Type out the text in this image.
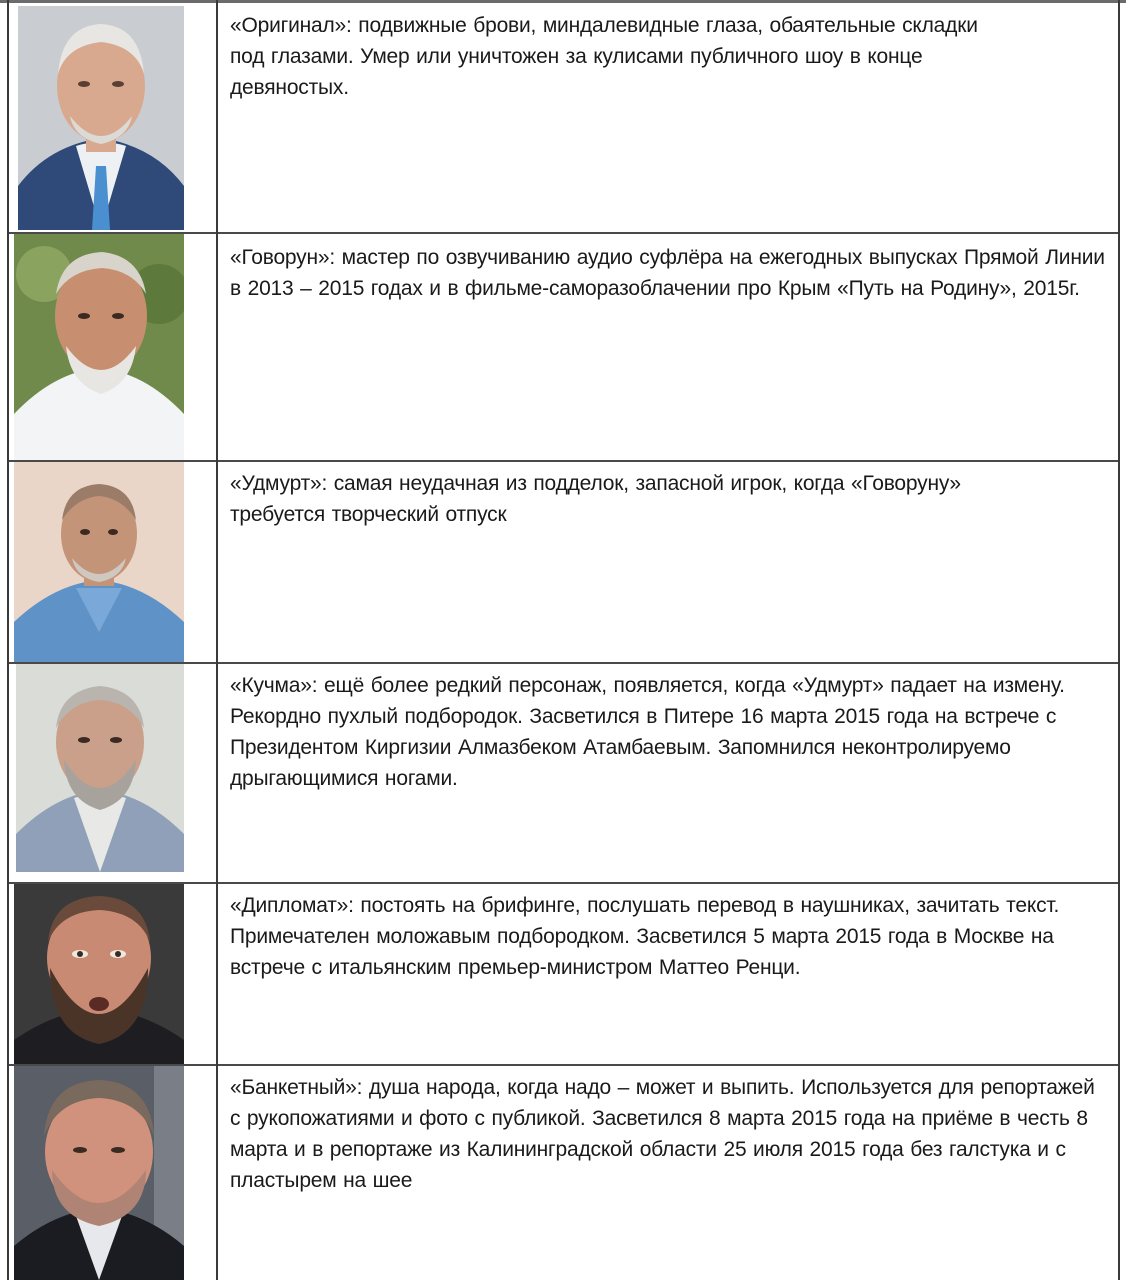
«Оригинал»: подвижные брови, миндалевидные глаза, обаятельные складки под глазами. Умер или уничтожен за кулисами публичного шоу в конце девяностых.
«Говорун»: мастер по озвучиванию аудио суфлёра на ежегодных выпусках Прямой Линии в 2013 – 2015 годах и в фильме-саморазоблачении про Крым «Путь на Родину», 2015г.
«Удмурт»: самая неудачная из подделок, запасной игрок, когда «Говоруну» требуется творческий отпуск
«Кучма»: ещё более редкий персонаж, появляется, когда «Удмурт» падает на измену. Рекордно пухлый подбородок. Засветился в Питере 16 марта 2015 года на встрече с Президентом Киргизии Алмазбеком Атамбаевым. Запомнился неконтролируемо дрыгающимися ногами.
«Дипломат»: постоять на брифинге, послушать перевод в наушниках, зачитать текст. Примечателен моложавым подбородком. Засветился 5 марта 2015 года в Москве на встрече с итальянским премьер-министром Маттео Ренци.
«Банкетный»: душа народа, когда надо – может и выпить. Используется для репортажей с рукопожатиями и фото с публикой. Засветился 8 марта 2015 года на приёме в честь 8 марта и в репортаже из Калининградской области 25 июля 2015 года без галстука и с пластырем на шее
